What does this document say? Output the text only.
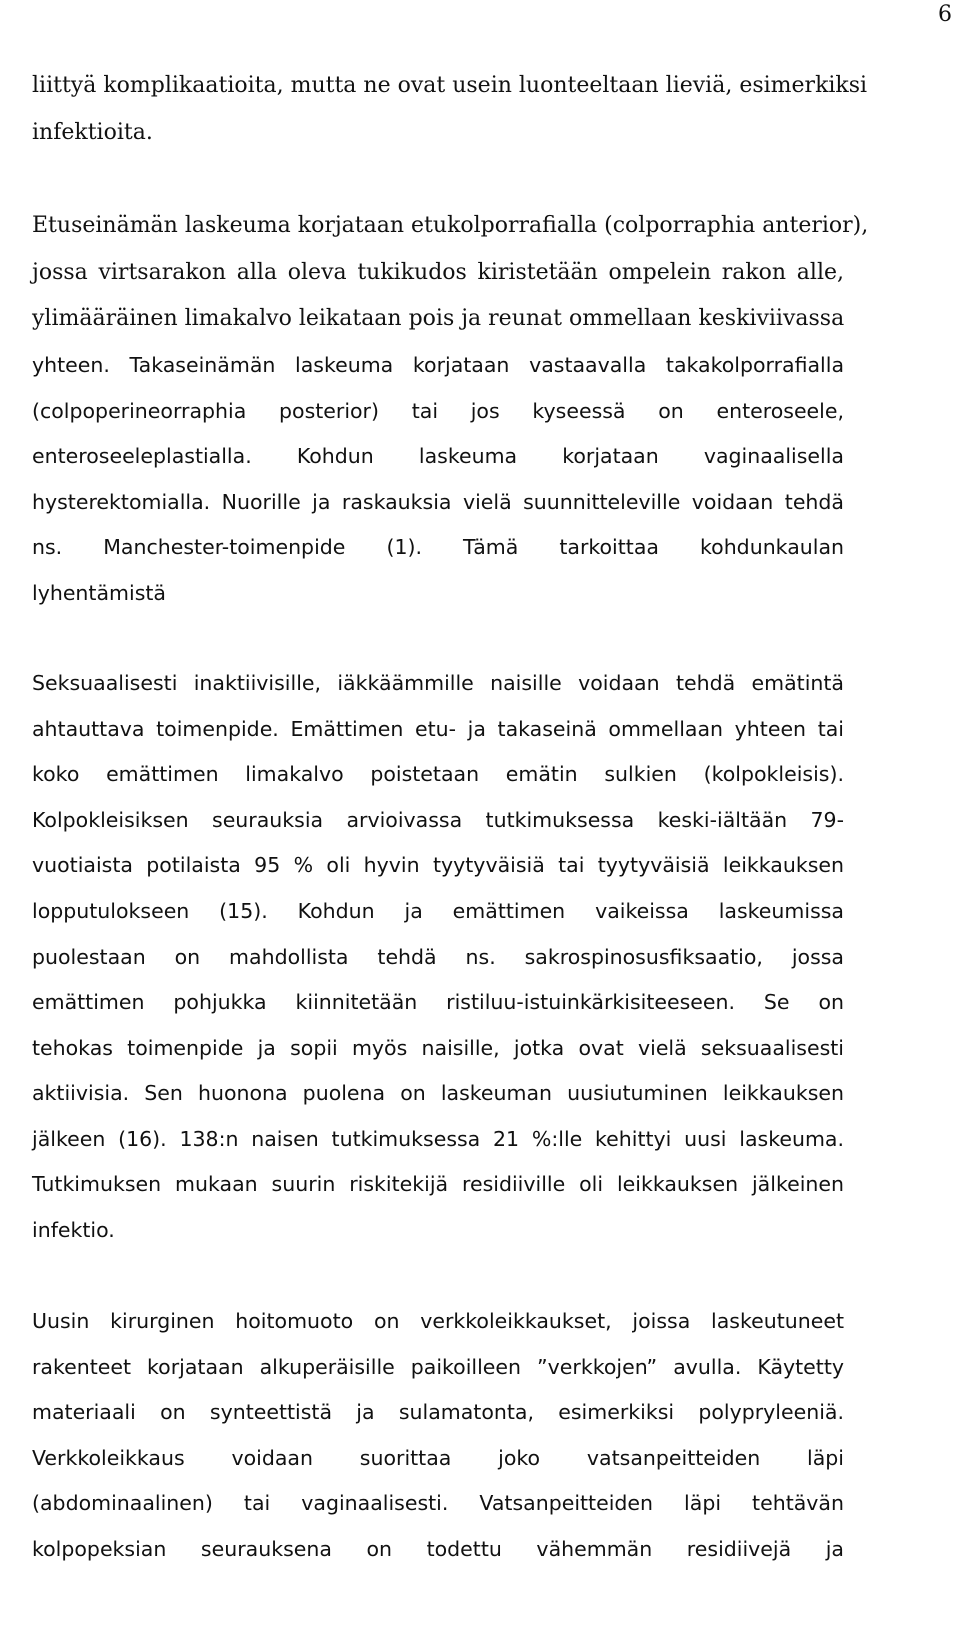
6

liittyä komplikaatioita, mutta ne ovat usein luonteeltaan lieviä, esimerkiksi

infektioita.

Etuseinämän laskeuma korjataan etukolporrafialla (colporraphia anterior),

jossa virtsarakon alla oleva tukikudos kiristetään ompelein rakon alle,

ylimääräinen limakalvo leikataan pois ja reunat ommellaan keskiviivassa

yhteen. Takaseinämän laskeuma korjataan vastaavalla takakolporrafialla

(colpoperineorraphia posterior) tai jos kyseessä on enteroseele,

enteroseeleplastialla. Kohdun laskeuma korjataan vaginaalisella

hysterektomialla. Nuorille ja raskauksia vielä suunnitteleville voidaan tehdä

ns. Manchester-toimenpide (1). Tämä tarkoittaa kohdunkaulan

lyhentämistä

Seksuaalisesti inaktiivisille, iäkkäämmille naisille voidaan tehdä emätintä

ahtauttava toimenpide. Emättimen etu- ja takaseinä ommellaan yhteen tai

koko emättimen limakalvo poistetaan emätin sulkien (kolpokleisis).

Kolpokleisiksen seurauksia arvioivassa tutkimuksessa keski-iältään 79-

vuotiaista potilaista 95 % oli hyvin tyytyväisiä tai tyytyväisiä leikkauksen

lopputulokseen (15). Kohdun ja emättimen vaikeissa laskeumissa

puolestaan on mahdollista tehdä ns. sakrospinosusfiksaatio, jossa

emättimen pohjukka kiinnitetään ristiluu-istuinkärkisiteeseen. Se on

tehokas toimenpide ja sopii myös naisille, jotka ovat vielä seksuaalisesti

aktiivisia. Sen huonona puolena on laskeuman uusiutuminen leikkauksen

jälkeen (16). 138:n naisen tutkimuksessa 21 %:lle kehittyi uusi laskeuma.

Tutkimuksen mukaan suurin riskitekijä residiiville oli leikkauksen jälkeinen

infektio.

Uusin kirurginen hoitomuoto on verkkoleikkaukset, joissa laskeutuneet

rakenteet korjataan alkuperäisille paikoilleen ”verkkojen” avulla. Käytetty

materiaali on synteettistä ja sulamatonta, esimerkiksi polypryleeniä.

Verkkoleikkaus voidaan suorittaa joko vatsanpeitteiden läpi

(abdominaalinen) tai vaginaalisesti. Vatsanpeitteiden läpi tehtävän

kolpopeksian seurauksena on todettu vähemmän residiivejä ja
